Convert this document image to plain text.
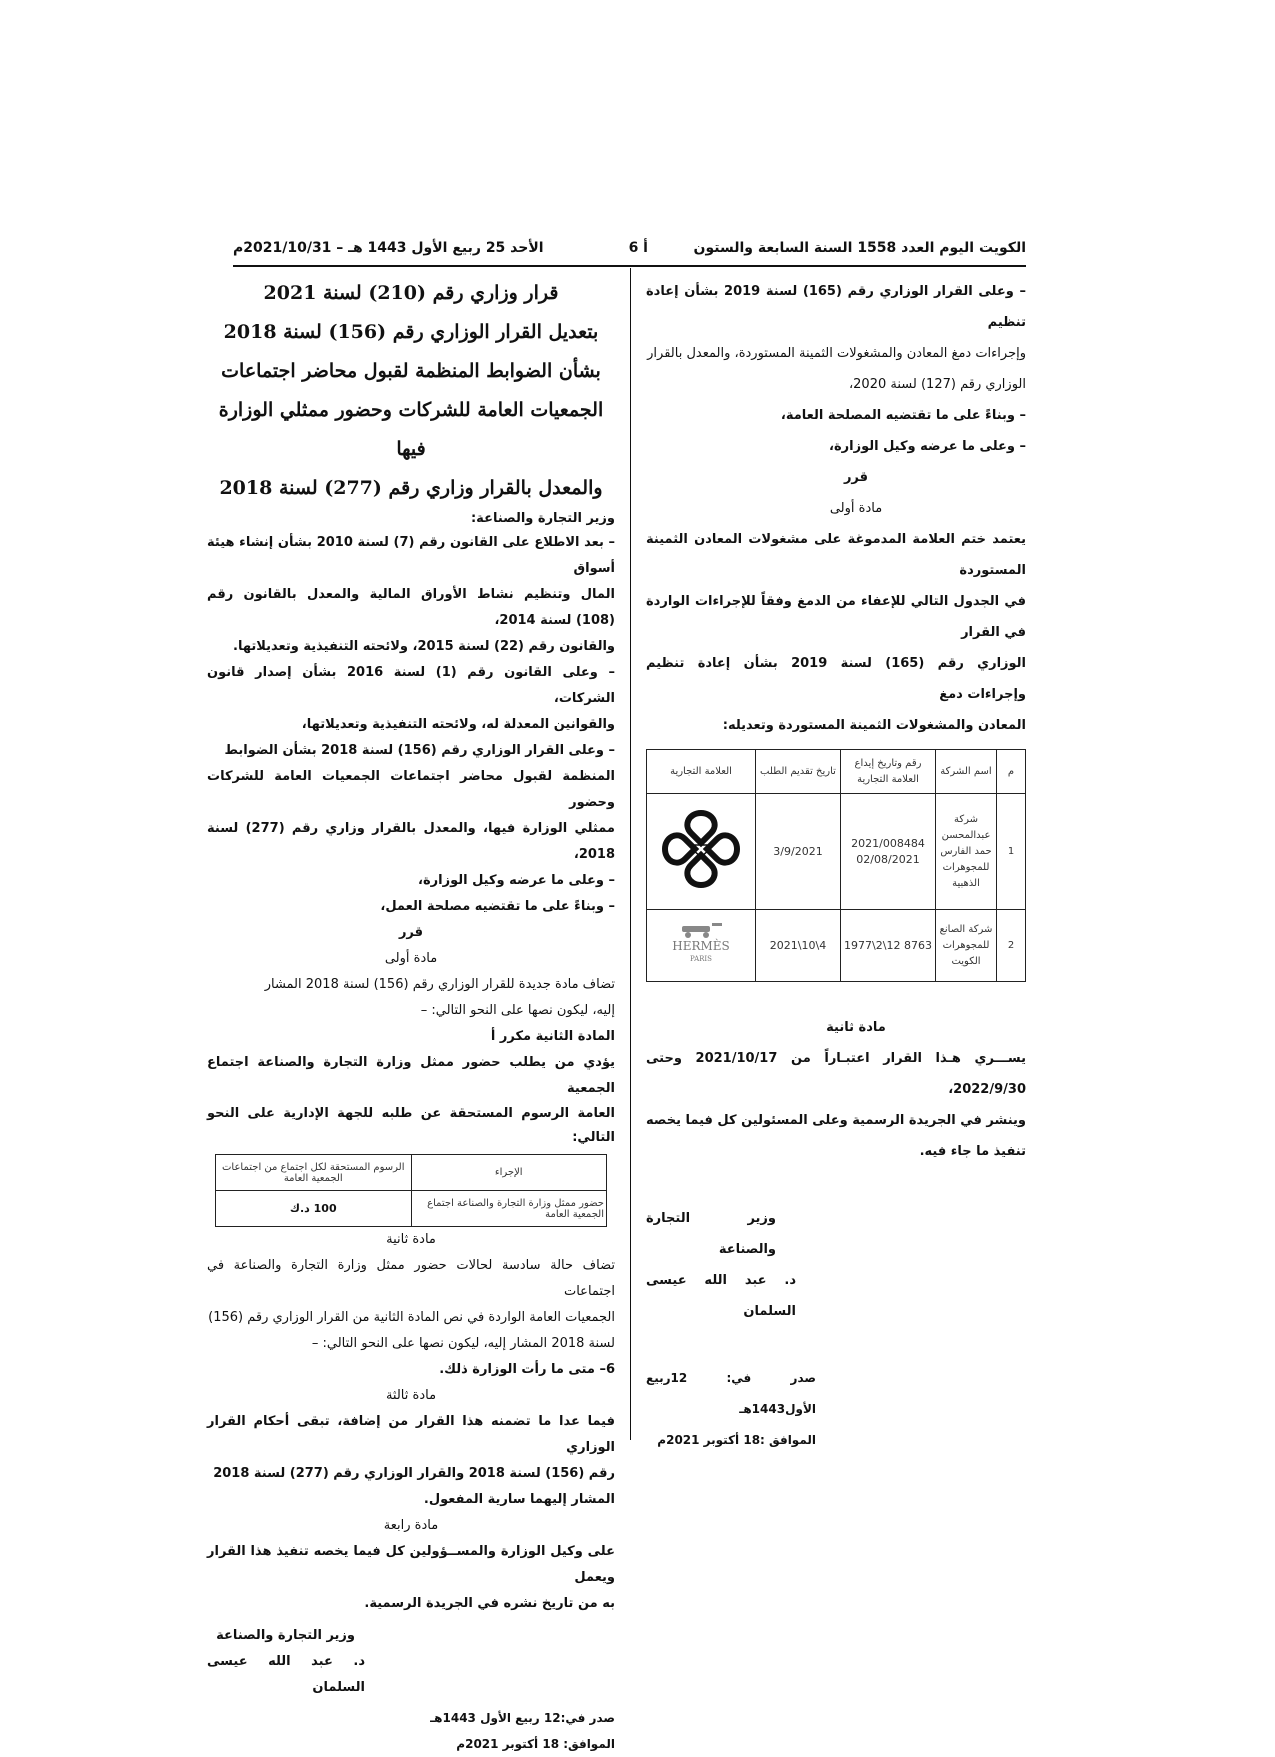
الكويت اليوم العدد 1558 السنة السابعة والستون
أ 6
الأحد 25 ربيع الأول 1443 هـ – 2021/10/31م

– وعلى القرار الوزاري رقم (165) لسنة 2019 بشأن إعادة تنظيم

وإجراءات دمغ المعادن والمشغولات الثمينة المستوردة، والمعدل بالقرار

الوزاري رقم (127) لسنة 2020،

– وبناءً على ما تقتضيه المصلحة العامة،

– وعلى ما عرضه وكيل الوزارة،

قرر

مادة أولى

يعتمد ختم العلامة المدموغة على مشغولات المعادن الثمينة المستوردة

في الجدول التالي للإعفاء من الدمغ وفقاً للإجراءات الواردة في القرار

الوزاري رقم (165) لسنة 2019 بشأن إعادة تنظيم وإجراءات دمغ

المعادن والمشغولات الثمينة المستوردة وتعديله:

م	اسم الشركة	رقم وتاريخ إيداع العلامة التجارية	تاريخ تقديم الطلب	العلامة التجارية
1	شركة عبدالمحسن حمد الفارس للمجوهرات الذهبية	2021/008484 02/08/2021	3/9/2021	
2	شركة الصانع للمجوهرات الكويت	8763 12\2\1977	4\10\2021	HERMÈS
PARIS

مادة ثانية

يســـري هـذا القرار اعتبـاراً من 2021/10/17 وحتى 2022/9/30،

وينشر في الجريدة الرسمية وعلى المسئولين كل فيما يخصه تنفيذ ما جاء فيه.

وزير التجارة والصناعة

د. عبد الله عيسى السلمان

صدر في: 12ربيع الأول1443هـ

الموافق :18 أكتوبر 2021م

قرار وزاري رقم (210) لسنة 2021

بتعديل القرار الوزاري رقم (156) لسنة 2018

بشأن الضوابط المنظمة لقبول محاضر اجتماعات

الجمعيات العامة للشركات وحضور ممثلي الوزارة فيها

والمعدل بالقرار وزاري رقم (277) لسنة 2018

وزير التجارة والصناعة:

– بعد الاطلاع على القانون رقم (7) لسنة 2010 بشأن إنشاء هيئة أسواق

المال وتنظيم نشاط الأوراق المالية والمعدل بالقانون رقم (108) لسنة 2014،

والقانون رقم (22) لسنة 2015، ولائحته التنفيذية وتعديلاتها.

– وعلى القانون رقم (1) لسنة 2016 بشأن إصدار قانون الشركات،

والقوانين المعدلة له، ولائحته التنفيذية وتعديلاتها،

– وعلى القرار الوزاري رقم (156) لسنة 2018 بشأن الضوابط

المنظمة لقبول محاضر اجتماعات الجمعيات العامة للشركات وحضور

ممثلي الوزارة فيها، والمعدل بالقرار وزاري رقم (277) لسنة 2018،

– وعلى ما عرضه وكيل الوزارة،

– وبناءً على ما تقتضيه مصلحة العمل،

قرر

مادة أولى

تضاف مادة جديدة للقرار الوزاري رقم (156) لسنة 2018 المشار

إليه، ليكون نصها على النحو التالي: –

المادة الثانية مكرر أ

يؤدي من يطلب حضور ممثل وزارة التجارة والصناعة اجتماع الجمعية

العامة الرسوم المستحقة عن طلبه للجهة الإدارية على النحو التالي:

الإجراء	الرسوم المستحقة لكل اجتماع من اجتماعات الجمعية العامة
حضور ممثل وزارة التجارة والصناعة اجتماع الجمعية العامة	100 د.ك

مادة ثانية

تضاف حالة سادسة لحالات حضور ممثل وزارة التجارة والصناعة في اجتماعات

الجمعيات العامة الواردة في نص المادة الثانية من القرار الوزاري رقم (156)

لسنة 2018 المشار إليه، ليكون نصها على النحو التالي: –

6– متى ما رأت الوزارة ذلك.

مادة ثالثة

فيما عدا ما تضمنه هذا القرار من إضافة، تبقى أحكام القرار الوزاري

رقم (156) لسنة 2018 والقرار الوزاري رقم (277) لسنة 2018

المشار إليهما سارية المفعول.

مادة رابعة

على وكيل الوزارة والمســؤولين كل فيما يخصه تنفيذ هذا القرار ويعمل

به من تاريخ نشره في الجريدة الرسمية.

وزير التجارة والصناعة

د. عبد الله عيسى السلمان

صدر في:12 ربيع الأول 1443هـ

الموافق: 18 أكتوبر 2021م
